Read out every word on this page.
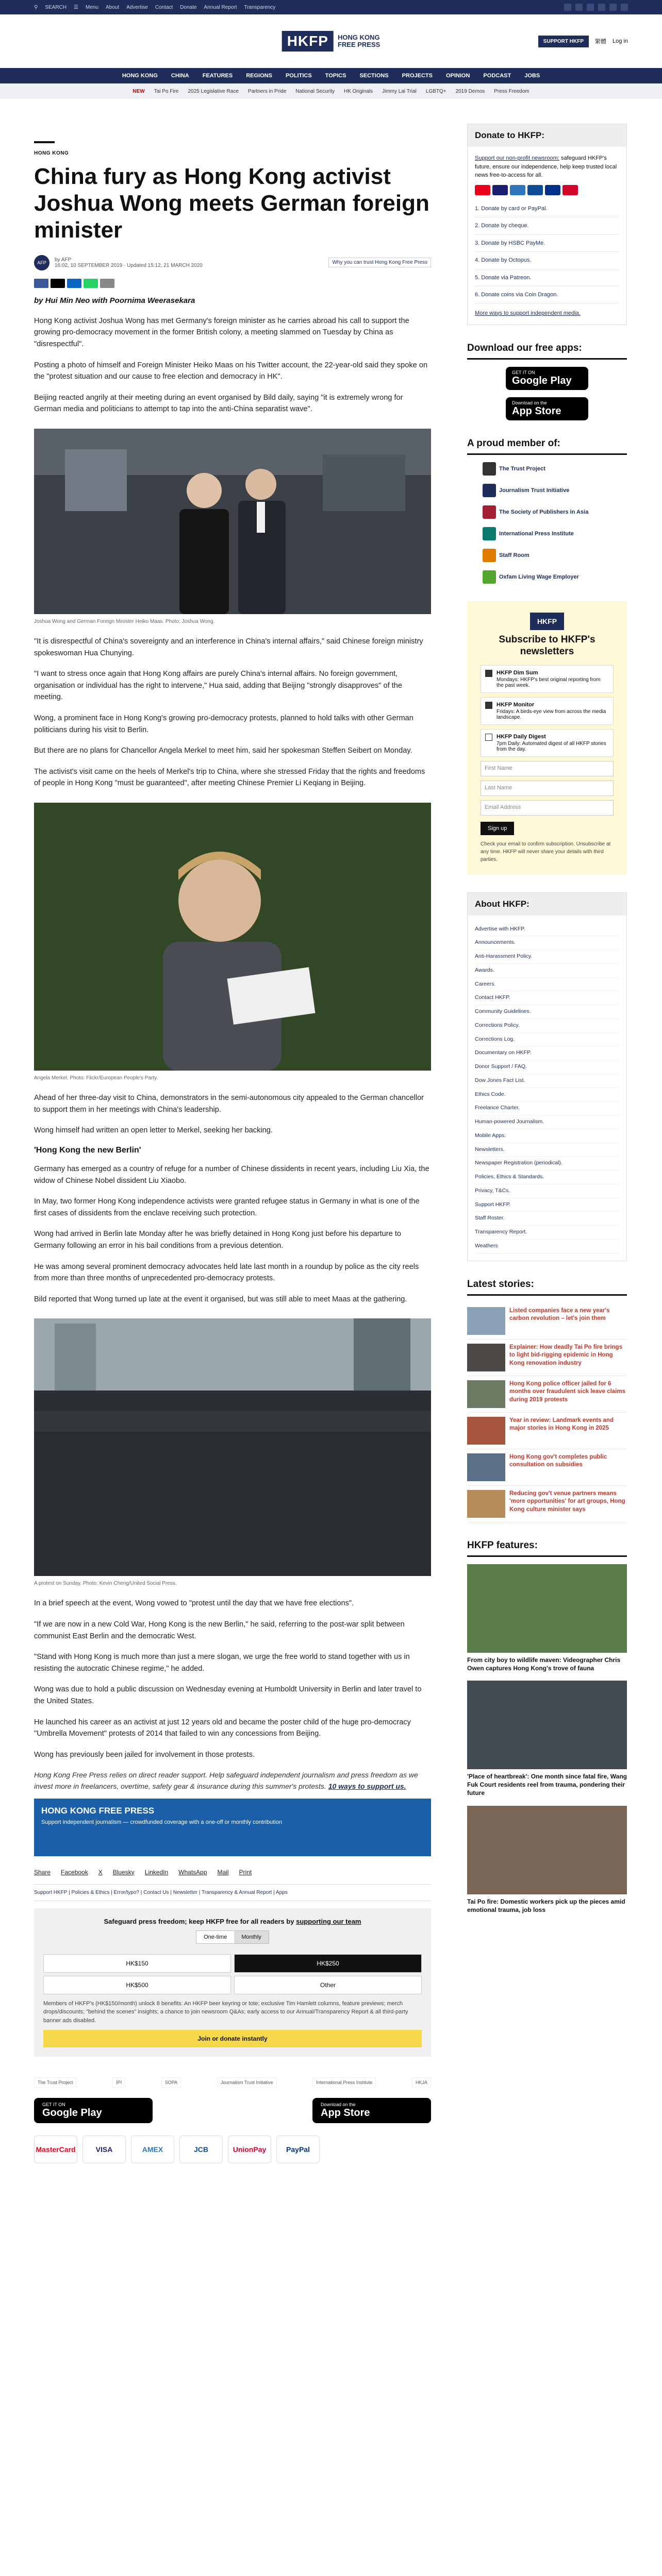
⚲ SEARCH ☰ Menu About Advertise Contact Donate Annual Report Transparency
HKFP	HONG KONG
FREE PRESS	SUPPORT HKFP	繁體 Log in
HONG KONG CHINA FEATURES REGIONS POLITICS TOPICS SECTIONS PROJECTS OPINION PODCAST JOBS
NEW Tai Po Fire 2025 Legislative Race Partners in Pride National Security HK Originals Jimmy Lai Trial LGBTQ+ 2019 Demos Press Freedom
HONG KONG
China fury as Hong Kong activist Joshua Wong meets German foreign minister
AFP	by AFP
16:02, 10 SEPTEMBER 2019 · Updated 15:12, 21 MARCH 2020	Why you can trust Hong Kong Free Press
by Hui Min Neo with Poornima Weerasekara

Hong Kong activist Joshua Wong has met Germany's foreign minister as he carries abroad his call to support the growing pro-democracy movement in the former British colony, a meeting slammed on Tuesday by China as "disrespectful".

Posting a photo of himself and Foreign Minister Heiko Maas on his Twitter account, the 22-year-old said they spoke on the "protest situation and our cause to free election and democracy in HK".

Beijing reacted angrily at their meeting during an event organised by Bild daily, saying "it is extremely wrong for German media and politicians to attempt to tap into the anti-China separatist wave".

Joshua Wong and German Foreign Minister Heiko Maas. Photo: Joshua Wong.

"It is disrespectful of China's sovereignty and an interference in China's internal affairs," said Chinese foreign ministry spokeswoman Hua Chunying.

"I want to stress once again that Hong Kong affairs are purely China's internal affairs. No foreign government, organisation or individual has the right to intervene," Hua said, adding that Beijing "strongly disapproves" of the meeting.

Wong, a prominent face in Hong Kong's growing pro-democracy protests, planned to hold talks with other German politicians during his visit to Berlin.

But there are no plans for Chancellor Angela Merkel to meet him, said her spokesman Steffen Seibert on Monday.

The activist's visit came on the heels of Merkel's trip to China, where she stressed Friday that the rights and freedoms of people in Hong Kong "must be guaranteed", after meeting Chinese Premier Li Keqiang in Beijing.

Angela Merkel. Photo: Flickr/European People's Party.

Ahead of her three-day visit to China, demonstrators in the semi-autonomous city appealed to the German chancellor to support them in her meetings with China's leadership.

Wong himself had written an open letter to Merkel, seeking her backing.

'Hong Kong the new Berlin'

Germany has emerged as a country of refuge for a number of Chinese dissidents in recent years, including Liu Xia, the widow of Chinese Nobel dissident Liu Xiaobo.

In May, two former Hong Kong independence activists were granted refugee status in Germany in what is one of the first cases of dissidents from the enclave receiving such protection.

Wong had arrived in Berlin late Monday after he was briefly detained in Hong Kong just before his departure to Germany following an error in his bail conditions from a previous detention.

He was among several prominent democracy advocates held late last month in a roundup by police as the city reels from more than three months of unprecedented pro-democracy protests.

Bild reported that Wong turned up late at the event it organised, but was still able to meet Maas at the gathering.

A protest on Sunday. Photo: Kevin Cheng/United Social Press.

In a brief speech at the event, Wong vowed to "protest until the day that we have free elections".

"If we are now in a new Cold War, Hong Kong is the new Berlin," he said, referring to the post-war split between communist East Berlin and the democratic West.

"Stand with Hong Kong is much more than just a mere slogan, we urge the free world to stand together with us in resisting the autocratic Chinese regime," he added.

Wong was due to hold a public discussion on Wednesday evening at Humboldt University in Berlin and later travel to the United States.

He launched his career as an activist at just 12 years old and became the poster child of the huge pro-democracy "Umbrella Movement" protests of 2014 that failed to win any concessions from Beijing.

Wong has previously been jailed for involvement in those protests.

Hong Kong Free Press relies on direct reader support. Help safeguard independent journalism and press freedom as we invest more in freelancers, overtime, safety gear & insurance during this summer's protests. 10 ways to support us.

HONG KONG FREE PRESS
Support independent journalism — crowdfunded coverage with a one-off or monthly contribution
Share Facebook X Bluesky LinkedIn WhatsApp Mail Print
Support HKFP | Policies & Ethics | Error/typo? | Contact Us | Newsletter | Transparency & Annual Report | Apps
Safeguard press freedom; keep HKFP free for all readers by supporting our team
One-time	Monthly
HK$150	HK$250
HK$500	Other
Members of HKFP's (HK$150/month) unlock 8 benefits: An HKFP beer keyring or tote; exclusive Tim Hamlett columns, feature previews; merch drops/discounts; "behind the scenes" insights; a chance to join newsroom Q&As; early access to our Annual/Transparency Report & all third-party banner ads disabled.
Join or donate instantly
The Trust Project	IPI	SOPA	Journalism Trust Initiative	International Press Institute	HKJA
GET IT ON
Google Play
Download on the
App Store
MasterCard	VISA	AMEX	JCB	UnionPay	PayPal
Donate to HKFP:
Support our non-profit newsroom: safeguard HKFP's future, ensure our independence, help keep trusted local news free-to-access for all.
1. Donate by card or PayPal.
2. Donate by cheque.
3. Donate by HSBC PayMe.
4. Donate by Octopus.
5. Donate via Patreon.
6. Donate coins via Coin Dragon.
More ways to support independent media.
Download our free apps:
GET IT ON
Google Play
Download on the
App Store
A proud member of:
The Trust Project
Journalism Trust Initiative
The Society of Publishers in Asia
International Press Institute
Staff Room
Oxfam Living Wage Employer
HKFP
Subscribe to HKFP's newsletters
HKFP Dim Sum
Mondays: HKFP's best original reporting from the past week.
HKFP Monitor
Fridays: A birds-eye view from across the media landscape.
HKFP Daily Digest
7pm Daily: Automated digest of all HKFP stories from the day.
First Name
Last Name
Email Address
Sign up
Check your email to confirm subscription. Unsubscribe at any time. HKFP will never share your details with third parties.
About HKFP:
Advertise with HKFP.
Announcements.
Anti-Harassment Policy.
Awards.
Careers.
Contact HKFP.
Community Guidelines.
Corrections Policy.
Corrections Log.
Documentary on HKFP.
Donor Support / FAQ.
Dow Jones Fact List.
Ethics Code.
Freelance Charter.
Human-powered Journalism.
Mobile Apps.
Newsletters.
Newspaper Registration (periodical).
Policies, Ethics & Standards.
Privacy, T&Cs.
Support HKFP.
Staff Roster.
Transparency Report.
Weathers
Latest stories:
Listed companies face a new year's carbon revolution – let's join them
Explainer: How deadly Tai Po fire brings to light bid-rigging epidemic in Hong Kong renovation industry
Hong Kong police officer jailed for 6 months over fraudulent sick leave claims during 2019 protests
Year in review: Landmark events and major stories in Hong Kong in 2025
Hong Kong gov't completes public consultation on subsidies
Reducing gov't venue partners means 'more opportunities' for art groups, Hong Kong culture minister says
HKFP features:
From city boy to wildlife maven: Videographer Chris Owen captures Hong Kong's trove of fauna
'Place of heartbreak': One month since fatal fire, Wang Fuk Court residents reel from trauma, pondering their future
Tai Po fire: Domestic workers pick up the pieces amid emotional trauma, job loss
